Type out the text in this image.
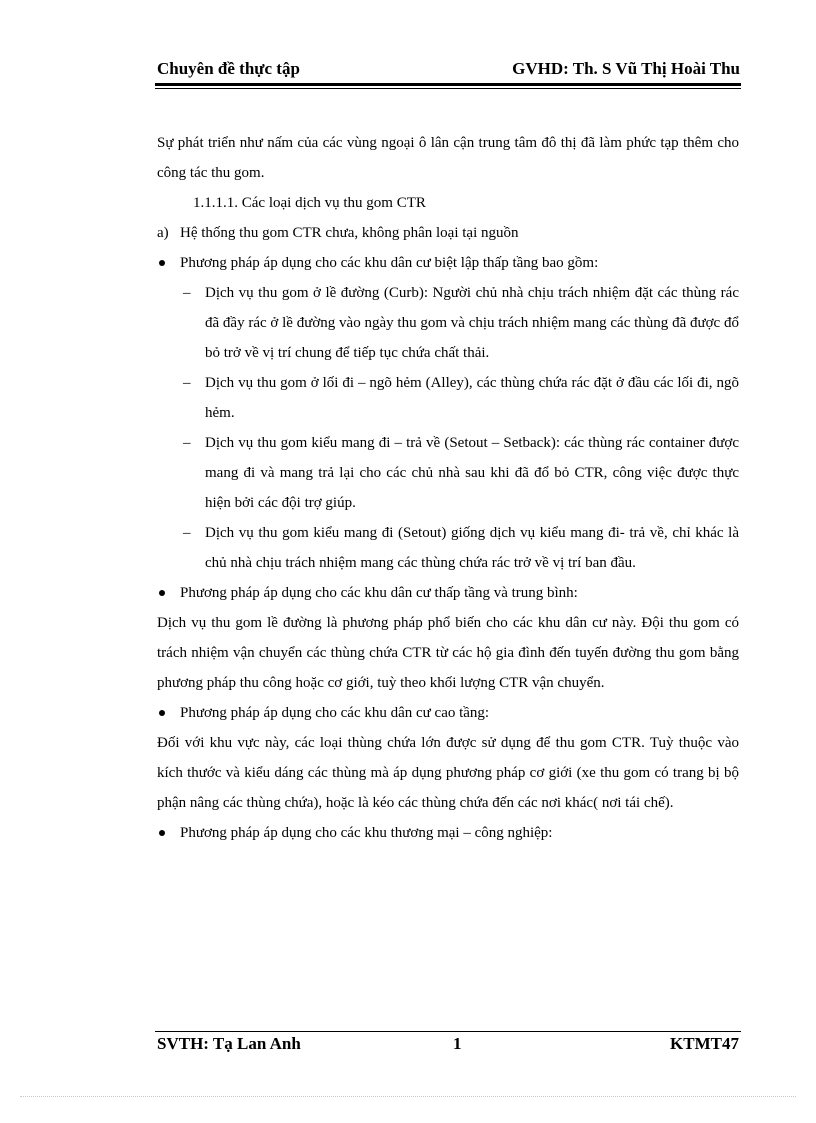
Chuyên đề thực tập	GVHD: Th. S Vũ Thị Hoài Thu

Sự phát triển như nấm của các vùng ngoại ô lân cận trung tâm đô thị đã làm phức tạp thêm cho công tác thu gom.

1.1.1.1. Các loại dịch vụ thu gom CTR

a) Hệ thống thu gom CTR chưa, không phân loại tại nguồn

Phương pháp áp dụng cho các khu dân cư biệt lập thấp tầng bao gồm:

– Dịch vụ thu gom ở lề đường (Curb): Người chủ nhà chịu trách nhiệm đặt các thùng rác đã đầy rác ở lề đường vào ngày thu gom và chịu trách nhiệm mang các thùng đã được đổ bỏ trở về vị trí chung để tiếp tục chứa chất thải.

– Dịch vụ thu gom ở lối đi – ngõ hẻm (Alley), các thùng chứa rác đặt ở đầu các lối đi, ngõ hẻm.

– Dịch vụ thu gom kiểu mang đi – trả về (Setout – Setback): các thùng rác container được mang đi và mang trả lại cho các chủ nhà sau khi đã đổ bỏ CTR, công việc được thực hiện bởi các đội trợ giúp.

– Dịch vụ thu gom kiểu mang đi (Setout) giống dịch vụ kiểu mang đi- trả về, chỉ khác là chủ nhà chịu trách nhiệm mang các thùng chứa rác trở về vị trí ban đầu.

Phương pháp áp dụng cho các khu dân cư thấp tầng và trung bình:

Dịch vụ thu gom lề đường là phương pháp phổ biến cho các khu dân cư này. Đội thu gom có trách nhiệm vận chuyển các thùng chứa CTR từ các hộ gia đình đến tuyến đường thu gom bằng phương pháp thu công hoặc cơ giới, tuỳ theo khối lượng CTR vận chuyển.

Phương pháp áp dụng cho các khu dân cư cao tầng:

Đối với khu vực này, các loại thùng chứa lớn được sử dụng để thu gom CTR. Tuỳ thuộc vào kích thước và kiểu dáng các thùng mà áp dụng phương pháp cơ giới (xe thu gom có trang bị bộ phận nâng các thùng chứa), hoặc là kéo các thùng chứa đến các nơi khác( nơi tái chế).

Phương pháp áp dụng cho các khu thương mại – công nghiệp:

SVTH: Tạ Lan Anh	1	KTMT47
